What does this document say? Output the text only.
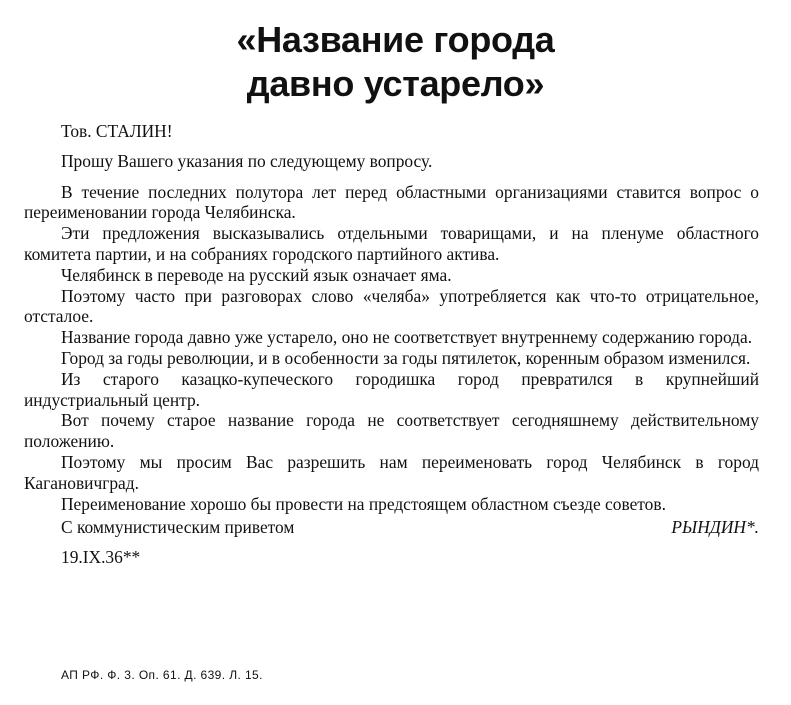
«Название города
давно устарело»

Тов. СТАЛИН!

Прошу Вашего указания по следующему вопросу.

В течение последних полутора лет перед областными организациями ставится вопрос о переименовании города Челябинска.

Эти предложения высказывались отдельными товарищами, и на пленуме областного комитета партии, и на собраниях городского партийного актива.

Челябинск в переводе на русский язык означает яма.

Поэтому часто при разговорах слово «челяба» употребляется как что-то отрицательное, отсталое.

Название города давно уже устарело, оно не соответствует внутреннему содержанию города.

Город за годы революции, и в особенности за годы пятилеток, коренным образом изменился.

Из старого казацко-купеческого городишка город превратился в крупнейший индустриальный центр.

Вот почему старое название города не соответствует сегодняшнему действительному положению.

Поэтому мы просим Вас разрешить нам переименовать город Челябинск в город Кагановичград.

Переименование хорошо бы провести на предстоящем областном съезде советов.

С коммунистическим приветом	РЫНДИН*.
19.IX.36**
АП РФ. Ф. 3. Оп. 61. Д. 639. Л. 15.
